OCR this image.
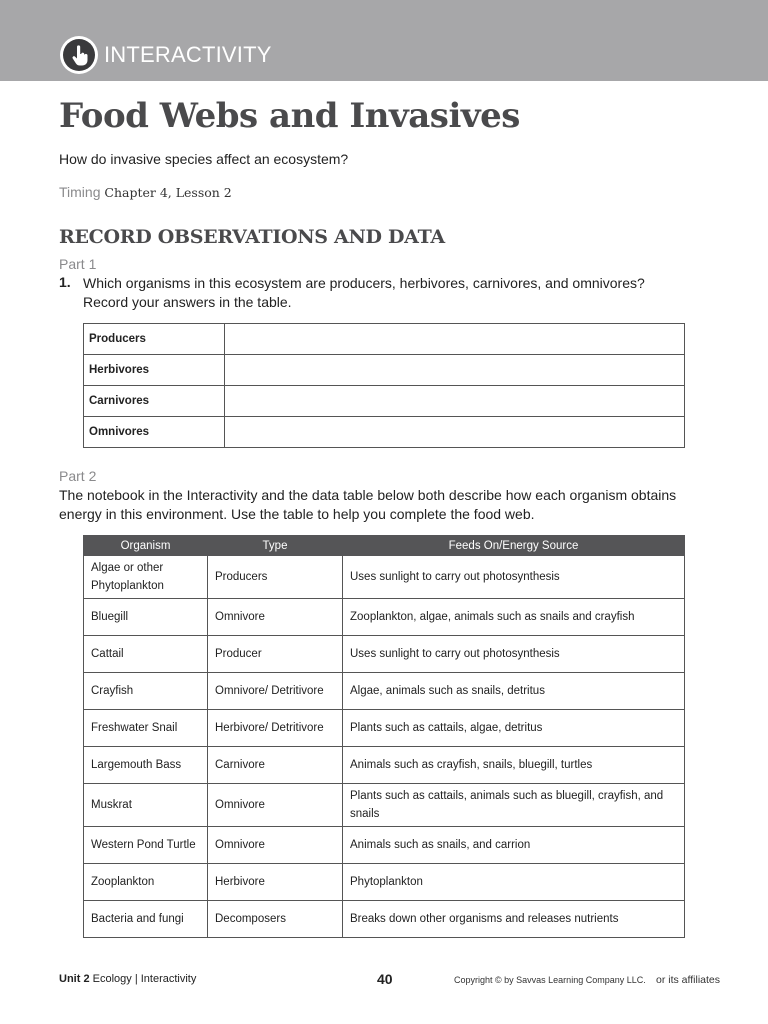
INTERACTIVITY
Food Webs and Invasives
How do invasive species affect an ecosystem?
Timing Chapter 4, Lesson 2
RECORD OBSERVATIONS AND DATA
Part 1
1. Which organisms in this ecosystem are producers, herbivores, carnivores, and omnivores?
Record your answers in the table.
Producers	
Herbivores	
Carnivores	
Omnivores	
Part 2
The notebook in the Interactivity and the data table below both describe how each organism obtains energy in this environment. Use the table to help you complete the food web.
Organism	Type	Feeds On/Energy Source
Algae or other Phytoplankton	Producers	Uses sunlight to carry out photosynthesis
Bluegill	Omnivore	Zooplankton, algae, animals such as snails and crayfish
Cattail	Producer	Uses sunlight to carry out photosynthesis
Crayfish	Omnivore/ Detritivore	Algae, animals such as snails, detritus
Freshwater Snail	Herbivore/ Detritivore	Plants such as cattails, algae, detritus
Largemouth Bass	Carnivore	Animals such as crayfish, snails, bluegill, turtles
Muskrat	Omnivore	Plants such as cattails, animals such as bluegill, crayfish, and snails
Western Pond Turtle	Omnivore	Animals such as snails, and carrion
Zooplankton	Herbivore	Phytoplankton
Bacteria and fungi	Decomposers	Breaks down other organisms and releases nutrients
Unit 2 Ecology | Interactivity	40	Copyright © by Savvas Learning Company LLC. or its affiliates
